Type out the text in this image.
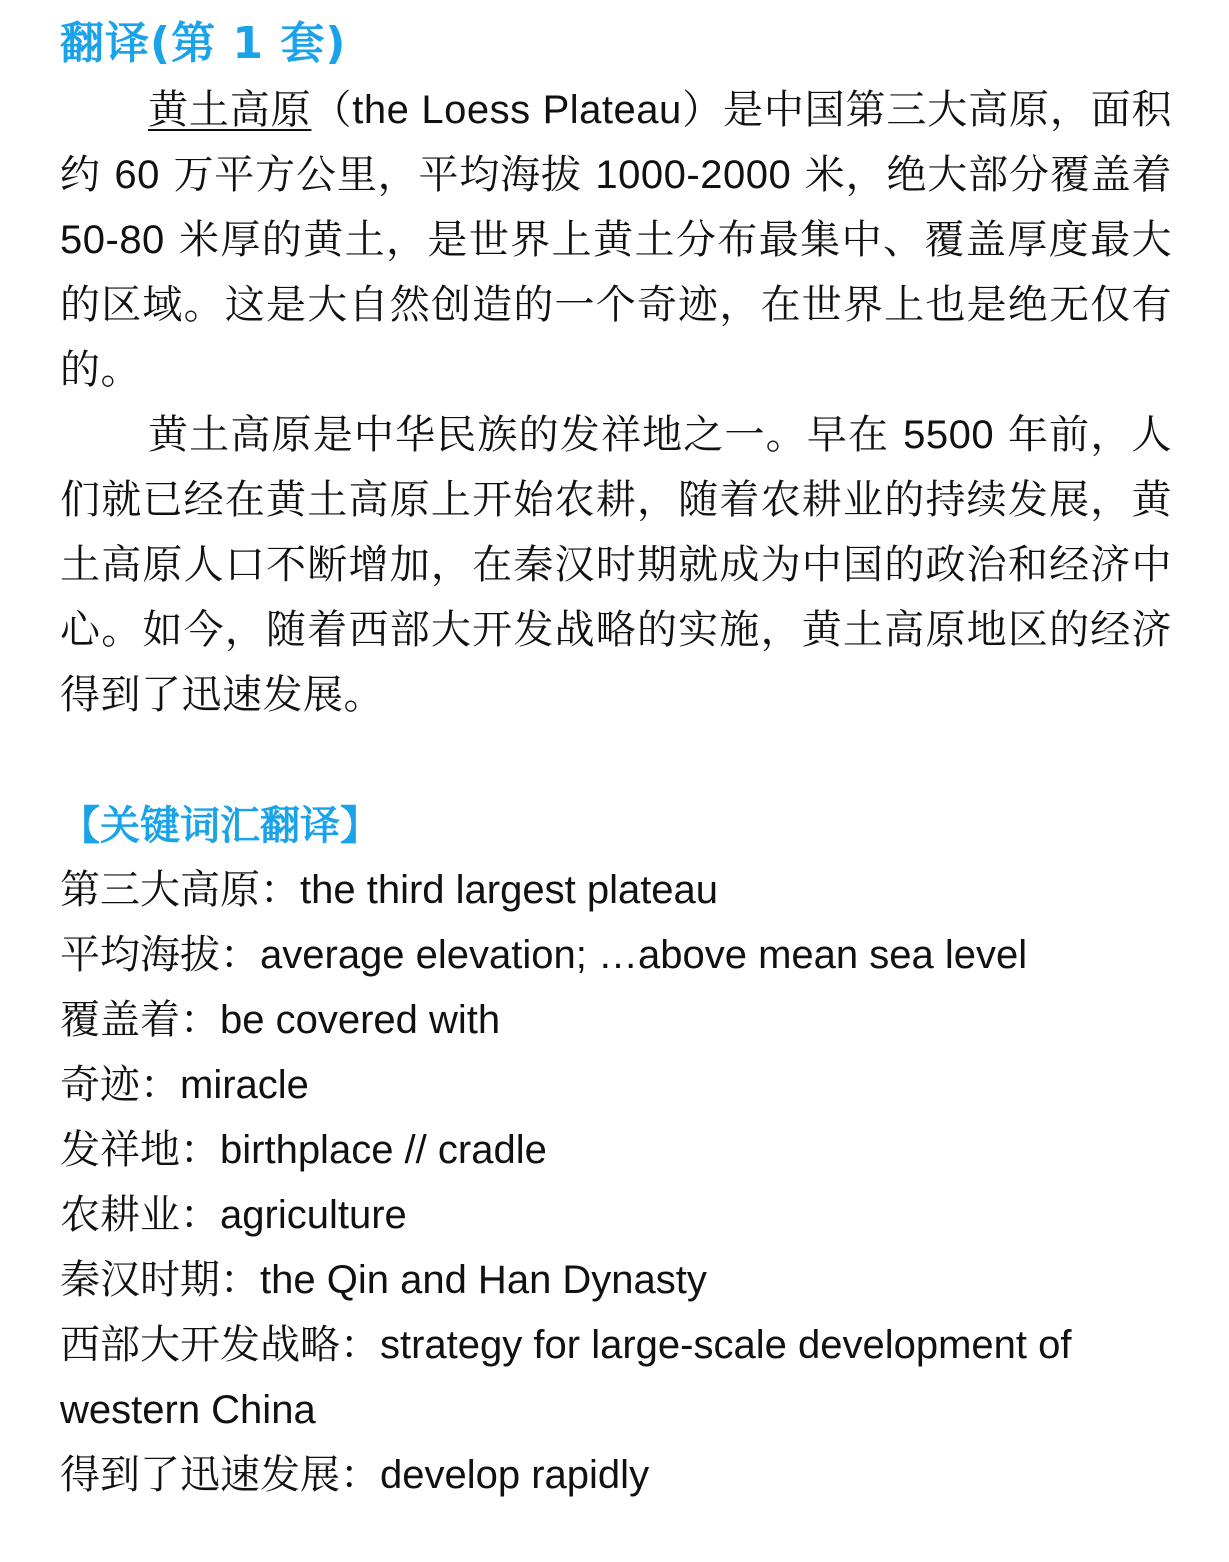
翻译(第 1 套)

黄土高原（the Loess Plateau）是中国第三大高原，面积约 60 万平方公里，平均海拔 1000-2000 米，绝大部分覆盖着 50-80 米厚的黄土，是世界上黄土分布最集中、覆盖厚度最大的区域。这是大自然创造的一个奇迹，在世界上也是绝无仅有的。

黄土高原是中华民族的发祥地之一。早在 5500 年前，人们就已经在黄土高原上开始农耕，随着农耕业的持续发展，黄土高原人口不断增加，在秦汉时期就成为中国的政治和经济中心。如今，随着西部大开发战略的实施，黄土高原地区的经济得到了迅速发展。

【关键词汇翻译】
第三大高原：the third largest plateau
平均海拔：average elevation; …above mean sea level
覆盖着：be covered with
奇迹：miracle
发祥地：birthplace // cradle
农耕业：agriculture
秦汉时期：the Qin and Han Dynasty
西部大开发战略：strategy for large-scale development of western China
得到了迅速发展：develop rapidly
